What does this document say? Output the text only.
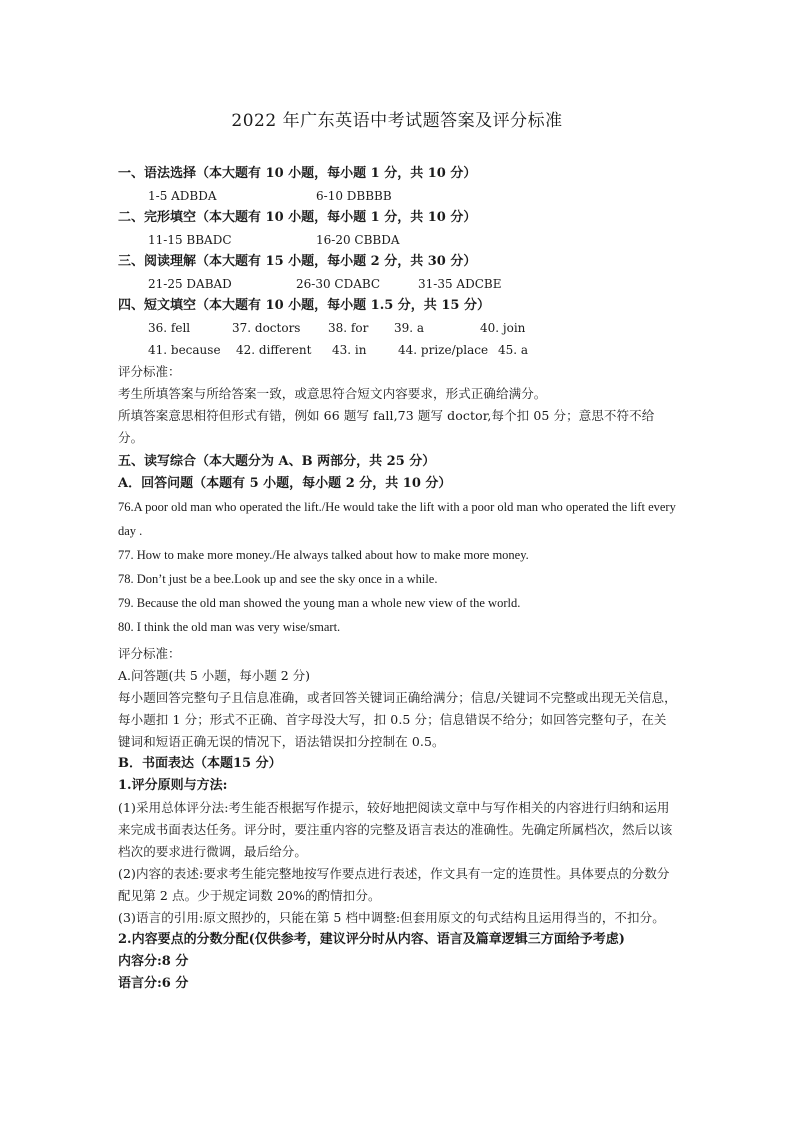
2022 年广东英语中考试题答案及评分标准
一、语法选择（本大题有 10 小题，每小题 1 分，共 10 分）
1-5 ADBDA	6-10 DBBBB
二、完形填空（本大题有 10 小题，每小题 1 分，共 10 分）
11-15 BBADC	16-20 CBBDA
三、阅读理解（本大题有 15 小题，每小题 2 分，共 30 分）
21-25 DABAD	26-30 CDABC	31-35 ADCBE
四、短文填空（本大题有 10 小题，每小题 1.5 分，共 15 分）
36. fell	37. doctors 38. for 39. a	40. join
41. because 42. different 43. in	44. prize/place 45. a
评分标准：
考生所填答案与所给答案一致，或意思符合短文内容要求，形式正确给满分。
所填答案意思相符但形式有错，例如 66 题写 fall,73 题写 doctor,每个扣 05 分；意思不符不给分。
五、读写综合（本大题分为 A、B 两部分，共 25 分）
A．回答问题（本题有 5 小题，每小题 2 分，共 10 分）
76.A poor old man who operated the lift./He would take the lift with a poor old man who operated the lift every day .
77. How to make more money./He always talked about how to make more money.
78. Don’t just be a bee.Look up and see the sky once in a while.
79. Because the old man showed the young man a whole new view of the world.
80. I think the old man was very wise/smart.
评分标准：
A.问答题(共 5 小题，每小题 2 分)
每小题回答完整句子且信息准确，或者回答关键词正确给满分；信息/关键词不完整或出现无关信息，每小题扣 1 分；形式不正确、首字母没大写，扣 0.5 分；信息错误不给分；如回答完整句子，在关键词和短语正确无误的情况下，语法错误扣分控制在 0.5。
B．书面表达（本题15 分）
1.评分原则与方法:
(1)采用总体评分法:考生能否根据写作提示，较好地把阅读文章中与写作相关的内容进行归纳和运用来完成书面表达任务。评分时，要注重内容的完整及语言表达的准确性。先确定所属档次，然后以该档次的要求进行微调，最后给分。
(2)内容的表述:要求考生能完整地按写作要点进行表述，作文具有一定的连贯性。具体要点的分数分配见第 2 点。少于规定词数 20%的酌情扣分。
(3)语言的引用:原文照抄的，只能在第 5 档中调整:但套用原文的句式结构且运用得当的，不扣分。
2.内容要点的分数分配(仅供参考，建议评分时从内容、语言及篇章逻辑三方面给予考虑)
内容分:8 分
语言分:6 分
